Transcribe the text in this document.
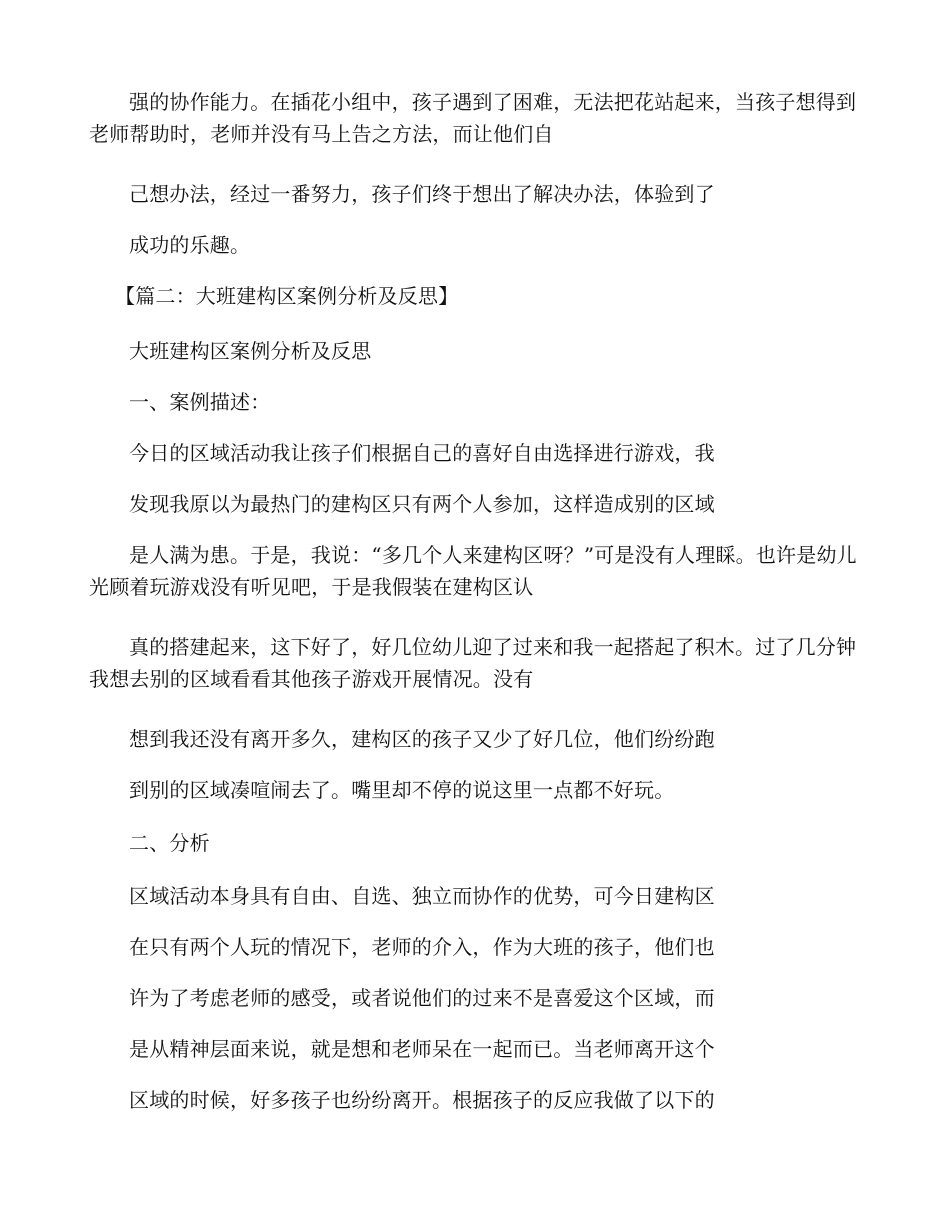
强的协作能力。在插花小组中，孩子遇到了困难，无法把花站起来，当孩子想得到老师帮助时，老师并没有马上告之方法，而让他们自

己想办法，经过一番努力，孩子们终于想出了解决办法，体验到了

成功的乐趣。

【篇二：大班建构区案例分析及反思】

大班建构区案例分析及反思

一、案例描述：

今日的区域活动我让孩子们根据自己的喜好自由选择进行游戏，我

发现我原以为最热门的建构区只有两个人参加，这样造成别的区域

是人满为患。于是，我说：“多几个人来建构区呀？”可是没有人理睬。也许是幼儿光顾着玩游戏没有听见吧，于是我假装在建构区认

真的搭建起来，这下好了，好几位幼儿迎了过来和我一起搭起了积木。过了几分钟我想去别的区域看看其他孩子游戏开展情况。没有

想到我还没有离开多久，建构区的孩子又少了好几位，他们纷纷跑

到别的区域凑喧闹去了。嘴里却不停的说这里一点都不好玩。

二、分析

区域活动本身具有自由、自选、独立而协作的优势，可今日建构区

在只有两个人玩的情况下，老师的介入，作为大班的孩子，他们也

许为了考虑老师的感受，或者说他们的过来不是喜爱这个区域，而

是从精神层面来说，就是想和老师呆在一起而已。当老师离开这个

区域的时候，好多孩子也纷纷离开。根据孩子的反应我做了以下的
